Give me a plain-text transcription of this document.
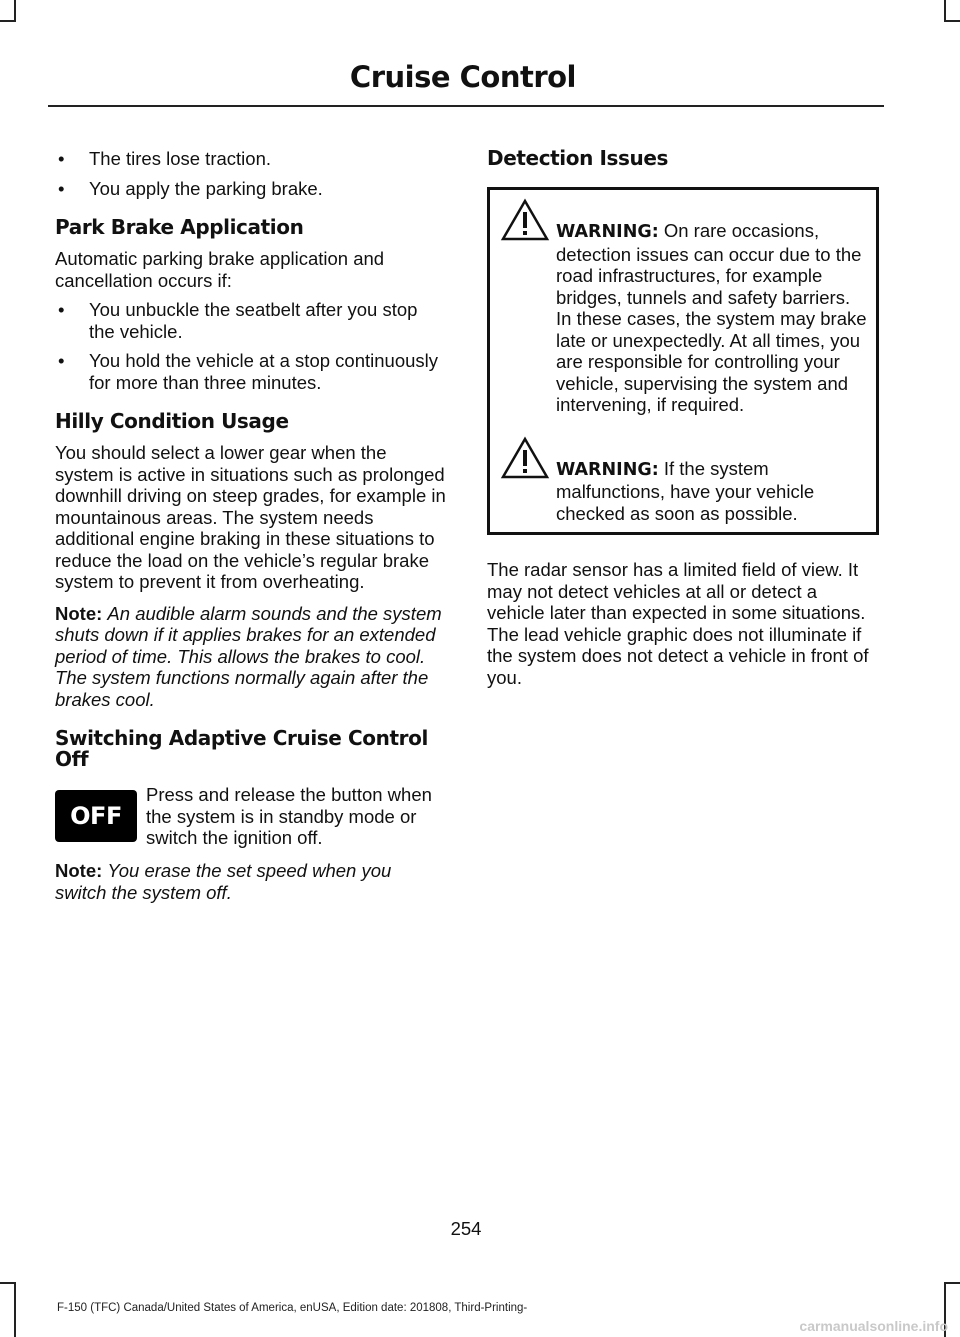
Cruise Control
• The tires lose traction.
• You apply the parking brake.
Park Brake Application

Automatic parking brake application and cancellation occurs if:

• You unbuckle the seatbelt after you stop the vehicle.
• You hold the vehicle at a stop continuously for more than three minutes.
Hilly Condition Usage

You should select a lower gear when the system is active in situations such as prolonged downhill driving on steep grades, for example in mountainous areas. The system needs additional engine braking in these situations to reduce the load on the vehicle’s regular brake system to prevent it from overheating.

Note: An audible alarm sounds and the system shuts down if it applies brakes for an extended period of time. This allows the brakes to cool. The system functions normally again after the brakes cool.

Switching Adaptive Cruise Control Off
OFF

Press and release the button when the system is in standby mode or switch the ignition off.

Note: You erase the set speed when you switch the system off.

Detection Issues
WARNING: On rare occasions, detection issues can occur due to the road infrastructures, for example bridges, tunnels and safety barriers. In these cases, the system may brake late or unexpectedly. At all times, you are responsible for controlling your vehicle, supervising the system and intervening, if required.
WARNING: If the system malfunctions, have your vehicle checked as soon as possible.

The radar sensor has a limited field of view. It may not detect vehicles at all or detect a vehicle later than expected in some situations. The lead vehicle graphic does not illuminate if the system does not detect a vehicle in front of you.

254
F-150 (TFC) Canada/United States of America, enUSA, Edition date: 201808, Third-Printing-
carmanualsonline.info
